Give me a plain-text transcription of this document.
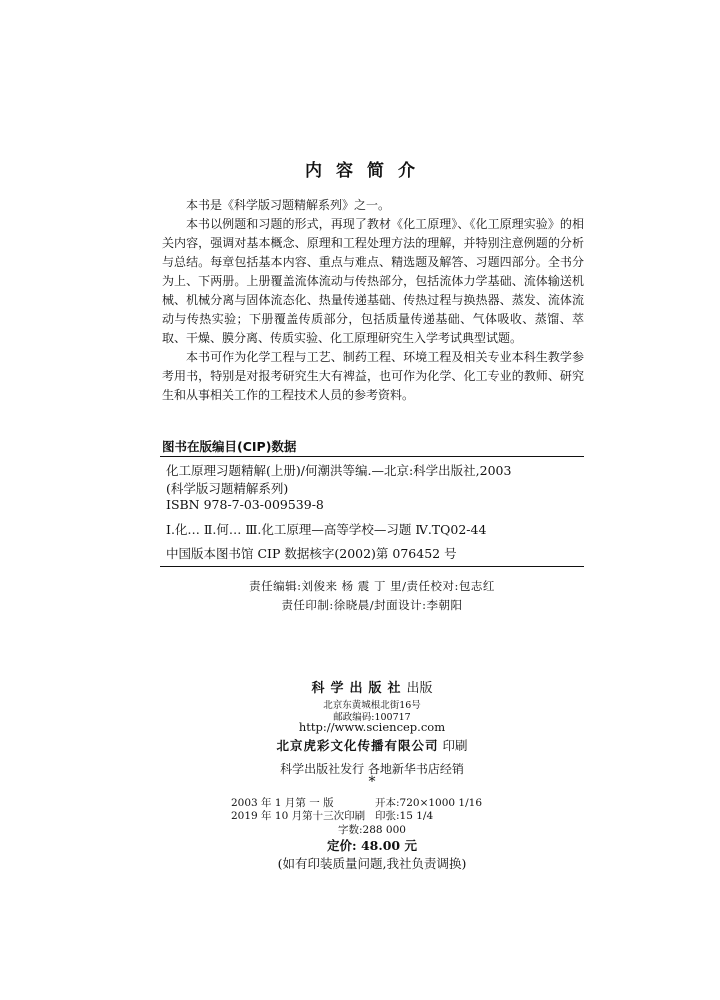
内容简介

本书是《科学版习题精解系列》之一。

本书以例题和习题的形式，再现了教材《化工原理》、《化工原理实验》的相关内容，强调对基本概念、原理和工程处理方法的理解，并特别注意例题的分析与总结。每章包括基本内容、重点与难点、精选题及解答、习题四部分。全书分为上、下两册。上册覆盖流体流动与传热部分，包括流体力学基础、流体输送机械、机械分离与固体流态化、热量传递基础、传热过程与换热器、蒸发、流体流动与传热实验；下册覆盖传质部分，包括质量传递基础、气体吸收、蒸馏、萃取、干燥、膜分离、传质实验、化工原理研究生入学考试典型试题。

本书可作为化学工程与工艺、制药工程、环境工程及相关专业本科生教学参考用书，特别是对报考研究生大有裨益，也可作为化学、化工专业的教师、研究生和从事相关工作的工程技术人员的参考资料。

图书在版编目(CIP)数据
化工原理习题精解(上册)/何潮洪等编.—北京:科学出版社,2003
(科学版习题精解系列)
ISBN 978-7-03-009539-8
Ⅰ.化… Ⅱ.何… Ⅲ.化工原理—高等学校—习题 Ⅳ.TQ02-44
中国版本图书馆 CIP 数据核字(2002)第 076452 号
责任编辑:刘俊来 杨 震 丁 里/责任校对:包志红
责任印制:徐晓晨/封面设计:李朝阳
科学出版社出版
北京东黄城根北街16号
邮政编码:100717
http://www.sciencep.com
北京虎彩文化传播有限公司 印刷
科学出版社发行 各地新华书店经销
*
2003 年 1 月第 一 版	开本:720×1000 1/16
2019 年 10 月第十三次印刷 印张:15 1/4
字数:288 000
定价: 48.00 元
(如有印装质量问题,我社负责调换)
